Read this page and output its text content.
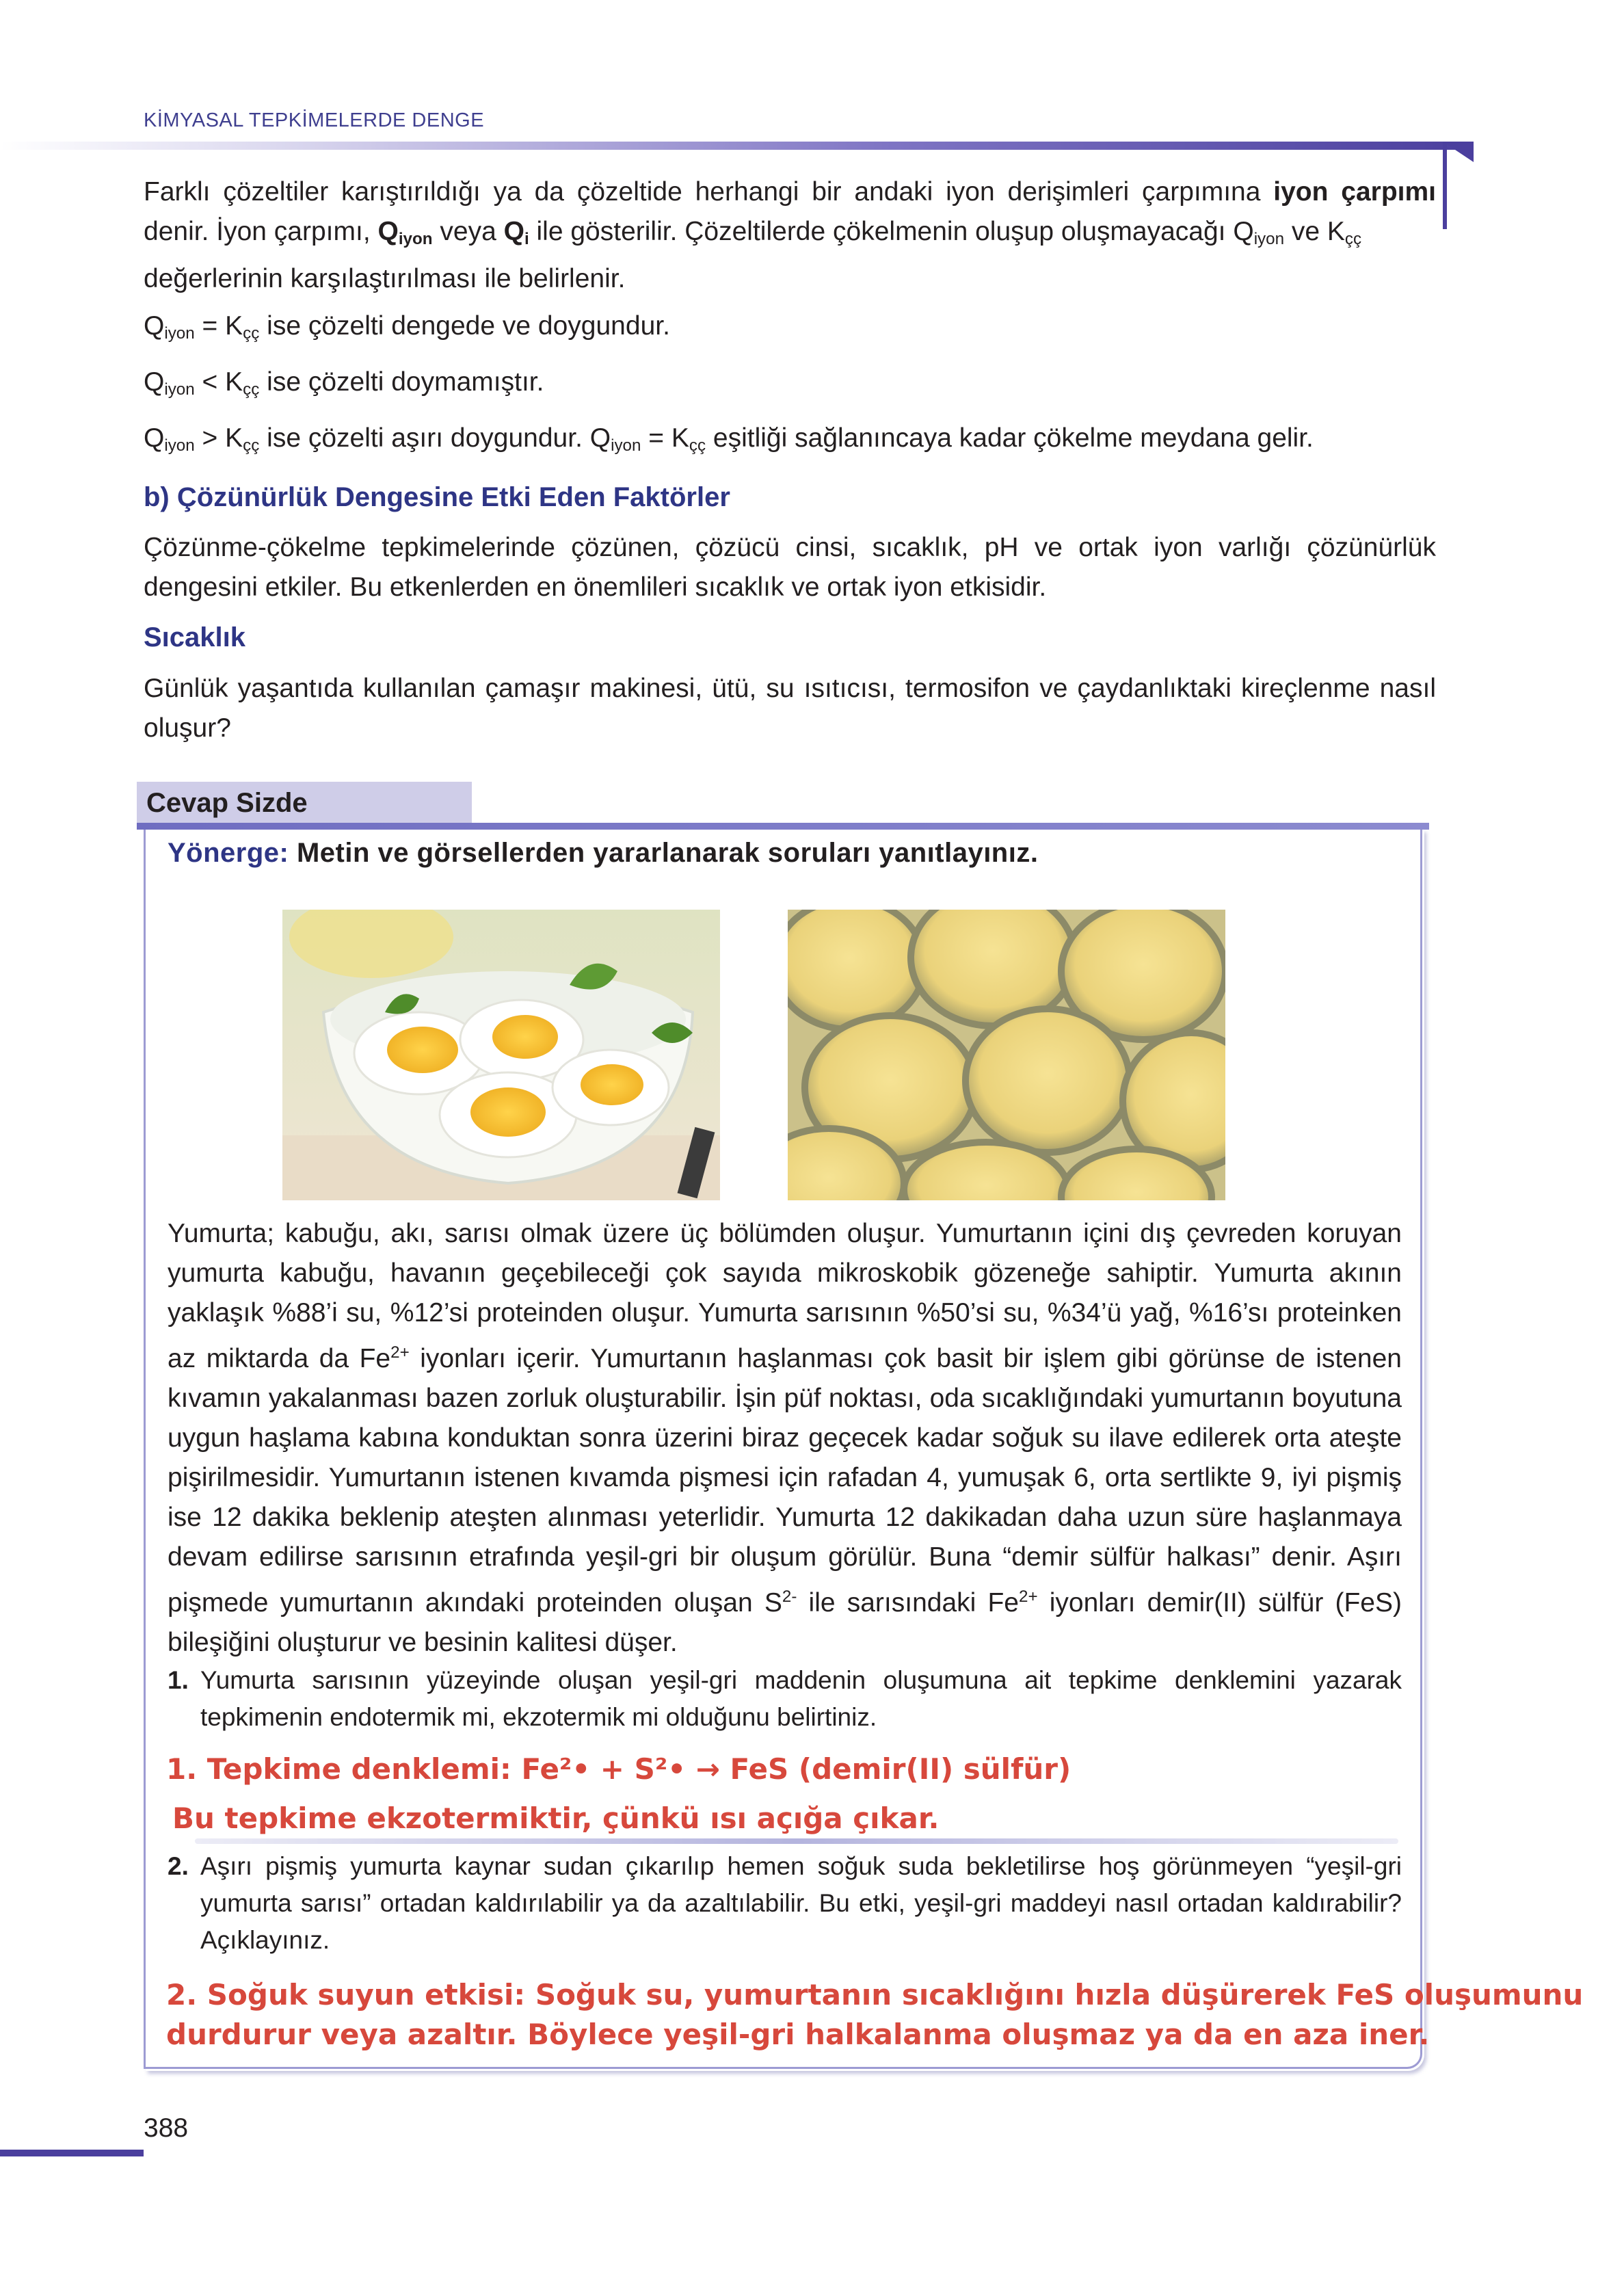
KİMYASAL TEPKİMELERDE DENGE

Farklı çözeltiler karıştırıldığı ya da çözeltide herhangi bir andaki iyon derişimleri çarpımına iyon çarpımı

denir. İyon çarpımı, $Q_{iyon}$ veya $Q_i$ ile gösterilir. Çözeltilerde çökelmenin oluşup oluşmayacağı $Q_{iyon}$ ve $K_{çç}$

değerlerinin karşılaştırılması ile belirlenir.

$Q_{iyon} = K_{çç}$ ise çözelti dengede ve doygundur.
$Q_{iyon} < K_{çç}$ ise çözelti doymamıştır.
$Q_{iyon} > K_{çç}$ ise çözelti aşırı doygundur. $Q_{iyon} = K_{çç}$ eşitliği sağlanıncaya kadar çökelme meydana gelir.
b) Çözünürlük Dengesine Etki Eden Faktörler
Çözünme-çökelme tepkimelerinde çözünen, çözücü cinsi, sıcaklık, pH ve ortak iyon varlığı çözünürlük dengesini etkiler. Bu etkenlerden en önemlileri sıcaklık ve ortak iyon etkisidir.
Sıcaklık
Günlük yaşantıda kullanılan çamaşır makinesi, ütü, su ısıtıcısı, termosifon ve çaydanlıktaki kireçlenme nasıl oluşur?
Cevap Sizde
Yönerge: Metin ve görsellerden yararlanarak soruları yanıtlayınız.
Yumurta; kabuğu, akı, sarısı olmak üzere üç bölümden oluşur. Yumurtanın içini dış çevreden koruyan yumurta kabuğu, havanın geçebileceği çok sayıda mikroskobik gözeneğe sahiptir. Yumurta akının yaklaşık %88’i su, %12’si proteinden oluşur. Yumurta sarısının %50’si su, %34’ü yağ, %16’sı proteinken az miktarda da $Fe^{2+}$ iyonları içerir. Yumurtanın haşlanması çok basit bir işlem gibi görünse de istenen kıvamın yakalanması bazen zorluk oluşturabilir. İşin püf noktası, oda sıcaklığındaki yumurtanın boyutuna uygun haşlama kabına konduktan sonra üzerini biraz geçecek kadar soğuk su ilave edilerek orta ateşte pişirilmesidir. Yumurtanın istenen kıvamda pişmesi için rafadan 4, yumuşak 6, orta sertlikte 9, iyi pişmiş ise 12 dakika beklenip ateşten alınması yeterlidir. Yumurta 12 dakikadan daha uzun süre haşlanmaya devam edilirse sarısının etrafında yeşil-gri bir oluşum görülür. Buna “demir sülfür halkası” denir. Aşırı pişmede yumurtanın akındaki proteinden oluşan $S^{2-}$ ile sarısındaki $Fe^{2+}$ iyonları demir(II) sülfür (FeS) bileşiğini oluşturur ve besinin kalitesi düşer.
1. Yumurta sarısının yüzeyinde oluşan yeşil-gri maddenin oluşumuna ait tepkime denklemini yazarak tepkimenin endotermik mi, ekzotermik mi olduğunu belirtiniz.
1. Tepkime denklemi: Fe²• + S²• → FeS (demir(II) sülfür)
Bu tepkime ekzotermiktir, çünkü ısı açığa çıkar.
2. Aşırı pişmiş yumurta kaynar sudan çıkarılıp hemen soğuk suda bekletilirse hoş görünmeyen “yeşil-gri yumurta sarısı” ortadan kaldırılabilir ya da azaltılabilir. Bu etki, yeşil-gri maddeyi nasıl ortadan kaldırabilir? Açıklayınız.
2. Soğuk suyun etkisi: Soğuk su, yumurtanın sıcaklığını hızla düşürerek FeS oluşumunu
durdurur veya azaltır. Böylece yeşil-gri halkalanma oluşmaz ya da en aza iner.
388
